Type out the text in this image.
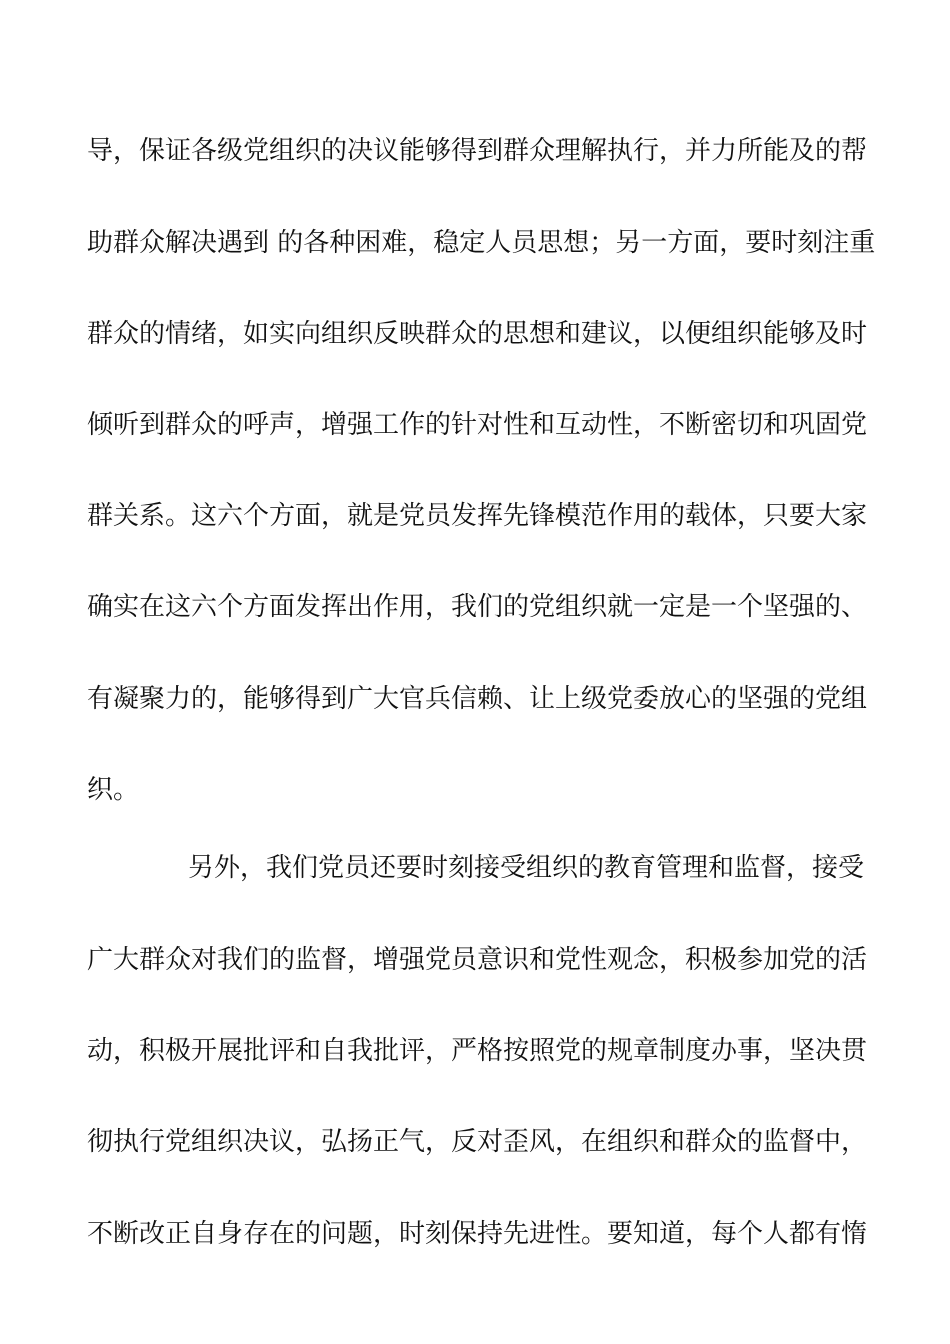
导，保证各级党组织的决议能够得到群众理解执行，并力所能及的帮
助群众解决遇到 的各种困难，稳定人员思想；另一方面，要时刻注重
群众的情绪，如实向组织反映群众的思想和建议，以便组织能够及时
倾听到群众的呼声，增强工作的针对性和互动性，不断密切和巩固党
群关系。这六个方面，就是党员发挥先锋模范作用的载体，只要大家
确实在这六个方面发挥出作用，我们的党组织就一定是一个坚强的、
有凝聚力的，能够得到广大官兵信赖、让上级党委放心的坚强的党组
织。
另外，我们党员还要时刻接受组织的教育管理和监督，接受
广大群众对我们的监督，增强党员意识和党性观念，积极参加党的活
动，积极开展批评和自我批评，严格按照党的规章制度办事，坚决贯
彻执行党组织决议，弘扬正气，反对歪风，在组织和群众的监督中，
不断改正自身存在的问题，时刻保持先进性。要知道，每个人都有惰
